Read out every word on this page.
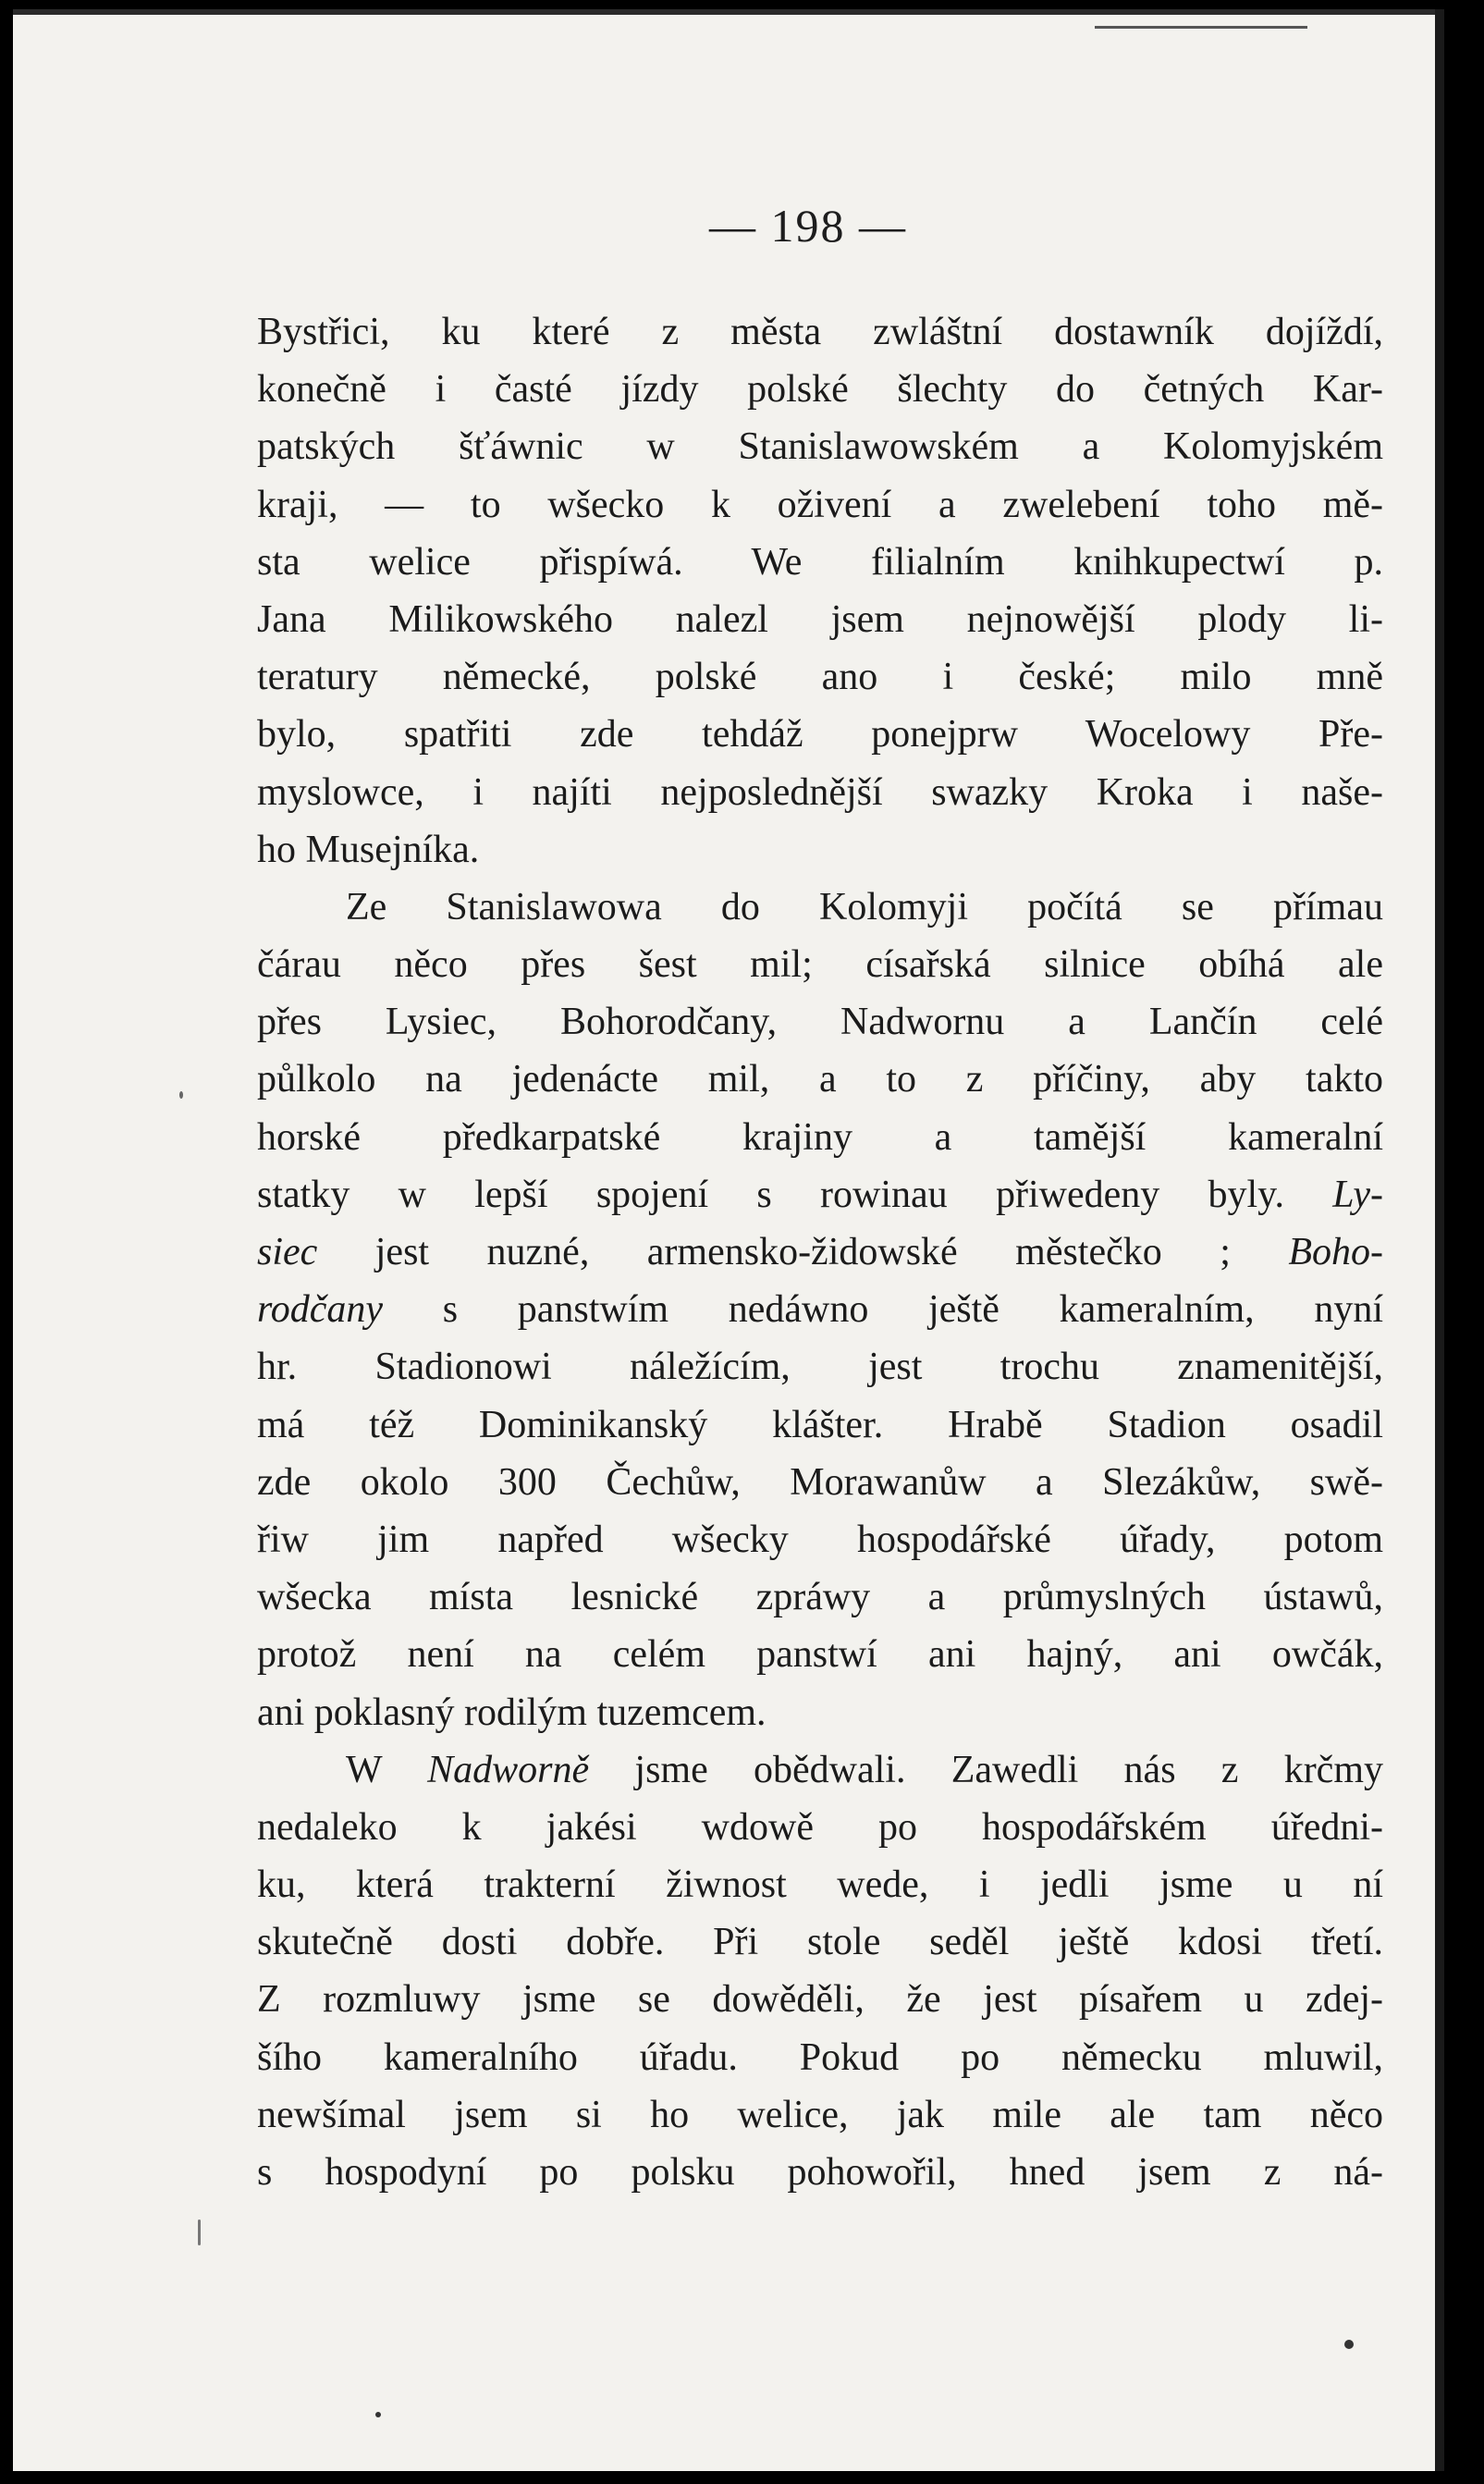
— 198 —
Bystřici, ku které z města zwláštní dostawník dojíždí,
konečně i časté jízdy polské šlechty do četných Kar-
patských šťáwnic w Stanislawowském a Kolomyjském
kraji, — to wšecko k oživení a zwelebení toho mě-
sta welice přispíwá. We filialním knihkupectwí p.
Jana Milikowského nalezl jsem nejnowější plody li-
teratury německé, polské ano i české; milo mně
bylo, spatřiti zde tehdáž ponejprw Wocelowy Pře-
myslowce, i najíti nejposlednější swazky Kroka i naše-
ho Musejníka.
Ze Stanislawowa do Kolomyji počítá se přímau
čárau něco přes šest mil; císařská silnice obíhá ale
přes Lysiec, Bohorodčany, Nadwornu a Lančín celé
půlkolo na jedenácte mil, a to z příčiny, aby takto
horské předkarpatské krajiny a tamější kameralní
statky w lepší spojení s rowinau přiwedeny byly. Ly-
siec jest nuzné, armensko-židowské městečko ; Boho-
rodčany s panstwím nedáwno ještě kameralním, nyní
hr. Stadionowi náležícím, jest trochu znamenitější,
má též Dominikanský klášter. Hrabě Stadion osadil
zde okolo 300 Čechůw, Morawanůw a Slezákůw, swě-
řiw jim napřed wšecky hospodářské úřady, potom
wšecka místa lesnické zpráwy a průmyslných ústawů,
protož není na celém panstwí ani hajný, ani owčák,
ani poklasný rodilým tuzemcem.
W Nadworně jsme obědwali. Zawedli nás z krčmy
nedaleko k jakési wdowě po hospodářském úředni-
ku, která trakterní žiwnost wede, i jedli jsme u ní
skutečně dosti dobře. Při stole seděl ještě kdosi třetí.
Z rozmluwy jsme se dowěděli, že jest písařem u zdej-
šího kameralního úřadu. Pokud po německu mluwil,
newšímal jsem si ho welice, jak mile ale tam něco
s hospodyní po polsku pohowořil, hned jsem z ná-
